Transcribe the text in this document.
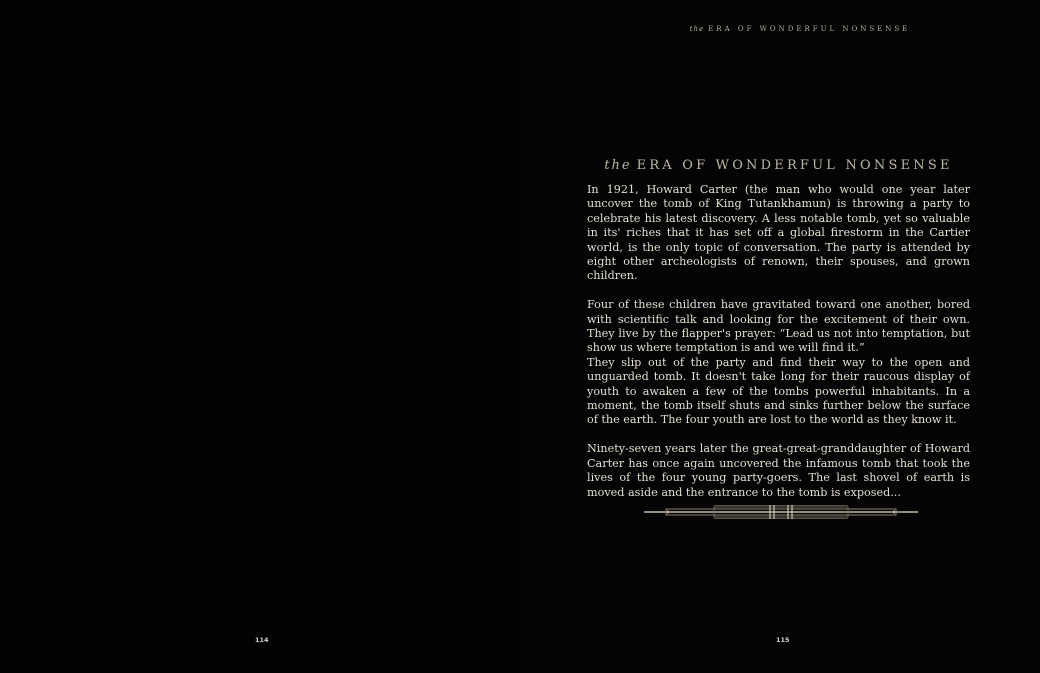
114
the ERA OF WONDERFUL NONSENSE
the ERA OF WONDERFUL NONSENSE

In 1921, Howard Carter (the man who would one year later uncover the tomb of King Tutankhamun) is throwing a party to celebrate his latest discovery. A less notable tomb, yet so valuable in its' riches that it has set off a global firestorm in the Cartier world, is the only topic of conversation. The party is attended by eight other archeologists of renown, their spouses, and grown children.

Four of these children have gravitated toward one another, bored with scientific talk and looking for the excitement of their own. They live by the flapper's prayer: “Lead us not into temptation, but show us where temptation is and we will find it.”

They slip out of the party and find their way to the open and unguarded tomb. It doesn't take long for their raucous display of youth to awaken a few of the tombs powerful inhabitants. In a moment, the tomb itself shuts and sinks further below the surface of the earth. The four youth are lost to the world as they know it.

Ninety-seven years later the great-great-granddaughter of Howard Carter has once again uncovered the infamous tomb that took the lives of the four young party-goers. The last shovel of earth is moved aside and the entrance to the tomb is exposed...

115
